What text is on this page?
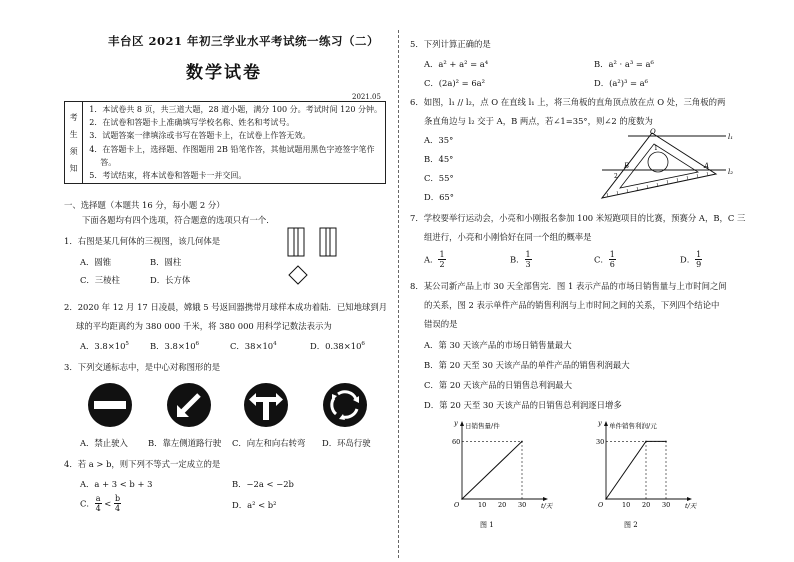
丰台区 2021 年初三学业水平考试统一练习（二）
数学试卷
2021.05
考
生
须
知

1．本试卷共 8 页，共三道大题，28 道小题，满分 100 分。考试时间 120 分钟。
2．在试卷和答题卡上准确填写学校名称、姓名和考试号。
3．试题答案一律填涂或书写在答题卡上，在试卷上作答无效。
4．在答题卡上，选择题、作图题用 2B 铅笔作答，其他试题用黑色字迹签字笔作
答。
5．考试结束，将本试卷和答题卡一并交回。
一、选择题（本题共 16 分，每小题 2 分）
下面各题均有四个选项，符合题意的选项只有一个．
1．右图是某几何体的三视图，该几何体是
A．圆锥	B．圆柱
C．三棱柱	D．长方体
2．2020 年 12 月 17 日凌晨，嫦娥 5 号返回器携带月球样本成功着陆．已知地球到月
球的平均距离约为 380 000 千米，将 380 000 用科学记数法表示为
A．$3.8\times 10^5$	B．$3.8\times 10^6$	C．$38\times 10^4$	D．$0.38\times 10^6$
3．下列交通标志中，是中心对称图形的是
A．禁止驶入 B．靠左侧道路行驶 C．向左和向右转弯 D．环岛行驶
4．若 a > b，则下列不等式一定成立的是
A．a + 3 < b + 3	B．−2a < −2b
C． $\frac{a}{4} < \frac{b}{4}$	D．a² < b²
5．下列计算正确的是
A．a² + a² = a⁴	B．a² · a³ = a⁶
C．(2a)² = 6a²	D．(a²)³ = a⁶
6．如图，l₁ // l₂，点 O 在直线 l₁ 上，将三角板的直角顶点放在点 O 处，三角板的两
条直角边与 l₂ 交于 A，B 两点，若∠1=35°，则∠2 的度数为
A．35°
B．45°
C．55°
D．65°
O
l₁
l₂
A
B
1
2
7．学校要举行运动会，小亮和小刚报名参加 100 米短跑项目的比赛，预赛分 A，B，C 三
组进行，小亮和小刚恰好在同一个组的概率是
A． $\frac{1}{2}$	B． $\frac{1}{3}$	C． $\frac{1}{6}$	D． $\frac{1}{9}$
8．某公司新产品上市 30 天全部售完．图 1 表示产品的市场日销售量与上市时间之间
的关系，图 2 表示单件产品的销售利润与上市时间之间的关系，下列四个结论中
错误的是
A．第 30 天该产品的市场日销售量最大
B．第 20 天至 30 天该产品的单件产品的销售利润最大
C．第 20 天该产品的日销售总利润最大
D．第 20 天至 30 天该产品的日销售总利润逐日增多
y 日销售量/件
t/天
O	10 20 30
60
图 1
y 单件销售利润/元
t/天
O	10 20 30
30
图 2
